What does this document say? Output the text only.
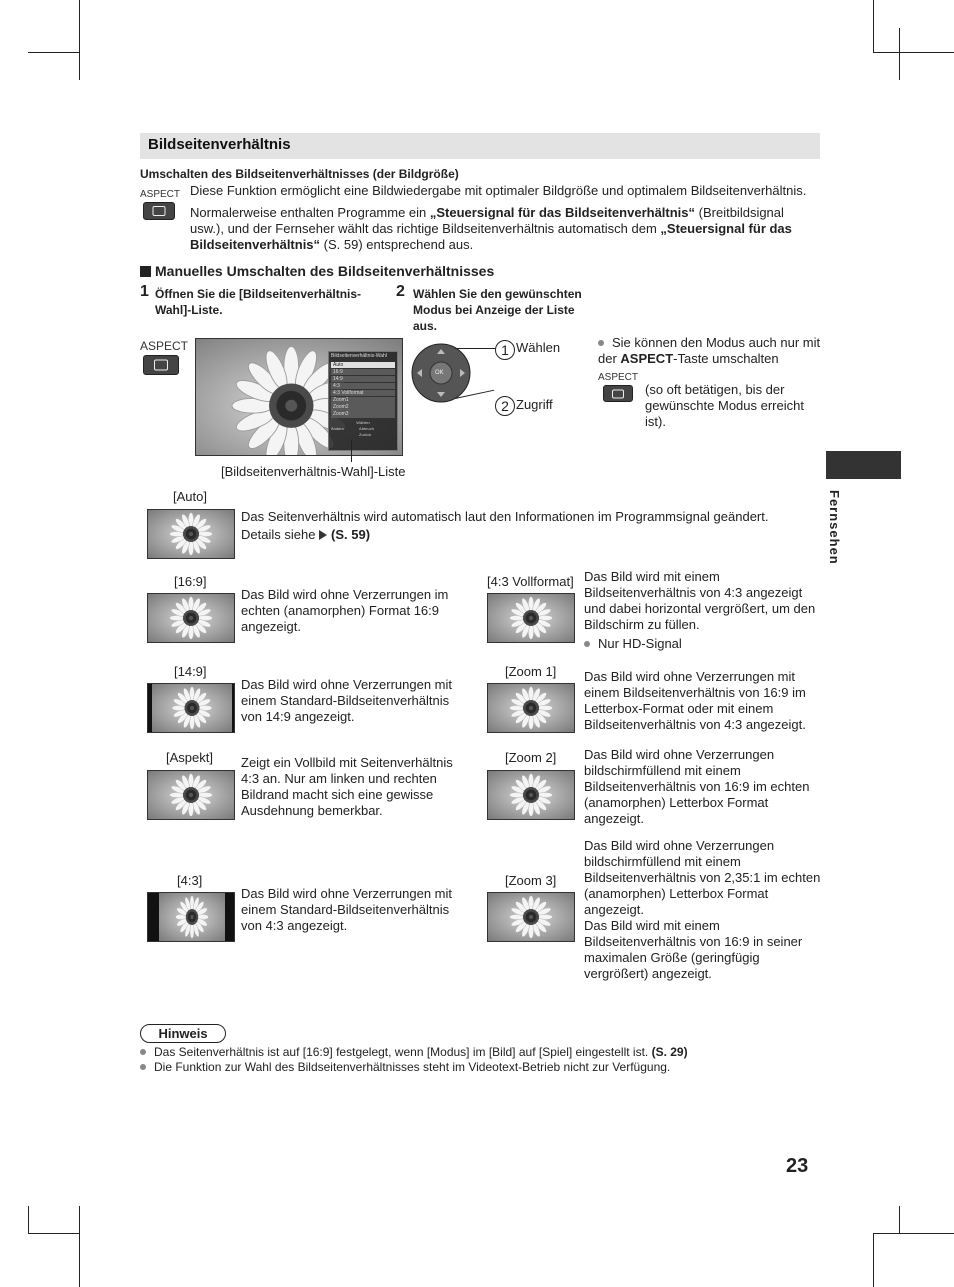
Bildseitenverhältnis
Umschalten des Bildseitenverhältnisses (der Bildgröße)
ASPECT Diese Funktion ermöglicht eine Bildwiedergabe mit optimaler Bildgröße und optimalem Bildseitenverhältnis.
Normalerweise enthalten Programme ein „Steuersignal für das Bildseitenverhältnis“ (Breitbildsignal usw.), und der Fernseher wählt das richtige Bildseitenverhältnis automatisch dem „Steuersignal für das Bildseitenverhältnis“ (S. 59) entsprechend aus.
Manuelles Umschalten des Bildseitenverhältnisses
1 Öffnen Sie die [Bildseitenverhältnis-Wahl]-Liste.
ASPECT
Bildseitenverhältnis-Wahl
Auto
16:9
14:9
4:3
4:3 Vollformat
Zoom1
Zoom2
Zoom3
Wählen
Ändern	Abbruch
Zurück
[Bildseitenverhältnis-Wahl]-Liste
2 Wählen Sie den gewünschten Modus bei Anzeige der Liste aus.
OK
1 Wählen
2 Zugriff
Sie können den Modus auch nur mit der ASPECT-Taste umschalten
ASPECT
(so oft betätigen, bis der gewünschte Modus erreicht ist).
Fernsehen
[Auto]
Das Seitenverhältnis wird automatisch laut den Informationen im Programmsignal geändert.
Details siehe (S. 59)
[16:9]
Das Bild wird ohne Verzerrungen im echten (anamorphen) Format 16:9 angezeigt.
[14:9]
Das Bild wird ohne Verzerrungen mit einem Standard-Bildseitenverhältnis von 14:9 angezeigt.
[Aspekt] Zeigt ein Vollbild mit Seitenverhältnis 4:3 an. Nur am linken und rechten Bildrand macht sich eine gewisse Ausdehnung bemerkbar.
[4:3]
Das Bild wird ohne Verzerrungen mit einem Standard-Bildseitenverhältnis von 4:3 angezeigt.
[4:3 Vollformat] Das Bild wird mit einem Bildseitenverhältnis von 4:3 angezeigt und dabei horizontal vergrößert, um den Bildschirm zu füllen.
Nur HD-Signal
[Zoom 1] Das Bild wird ohne Verzerrungen mit einem Bildseitenverhältnis von 16:9 im Letterbox-Format oder mit einem Bildseitenverhältnis von 4:3 angezeigt.
[Zoom 2] Das Bild wird ohne Verzerrungen bildschirmfüllend mit einem Bildseitenverhältnis von 16:9 im echten (anamorphen) Letterbox Format angezeigt.
[Zoom 3]
Das Bild wird ohne Verzerrungen bildschirmfüllend mit einem Bildseitenverhältnis von 2,35:1 im echten (anamorphen) Letterbox Format angezeigt.
Das Bild wird mit einem Bildseitenverhältnis von 16:9 in seiner maximalen Größe (geringfügig vergrößert) angezeigt.
Hinweis
Das Seitenverhältnis ist auf [16:9] festgelegt, wenn [Modus] im [Bild] auf [Spiel] eingestellt ist. (S. 29)
Die Funktion zur Wahl des Bildseitenverhältnisses steht im Videotext-Betrieb nicht zur Verfügung.
23
